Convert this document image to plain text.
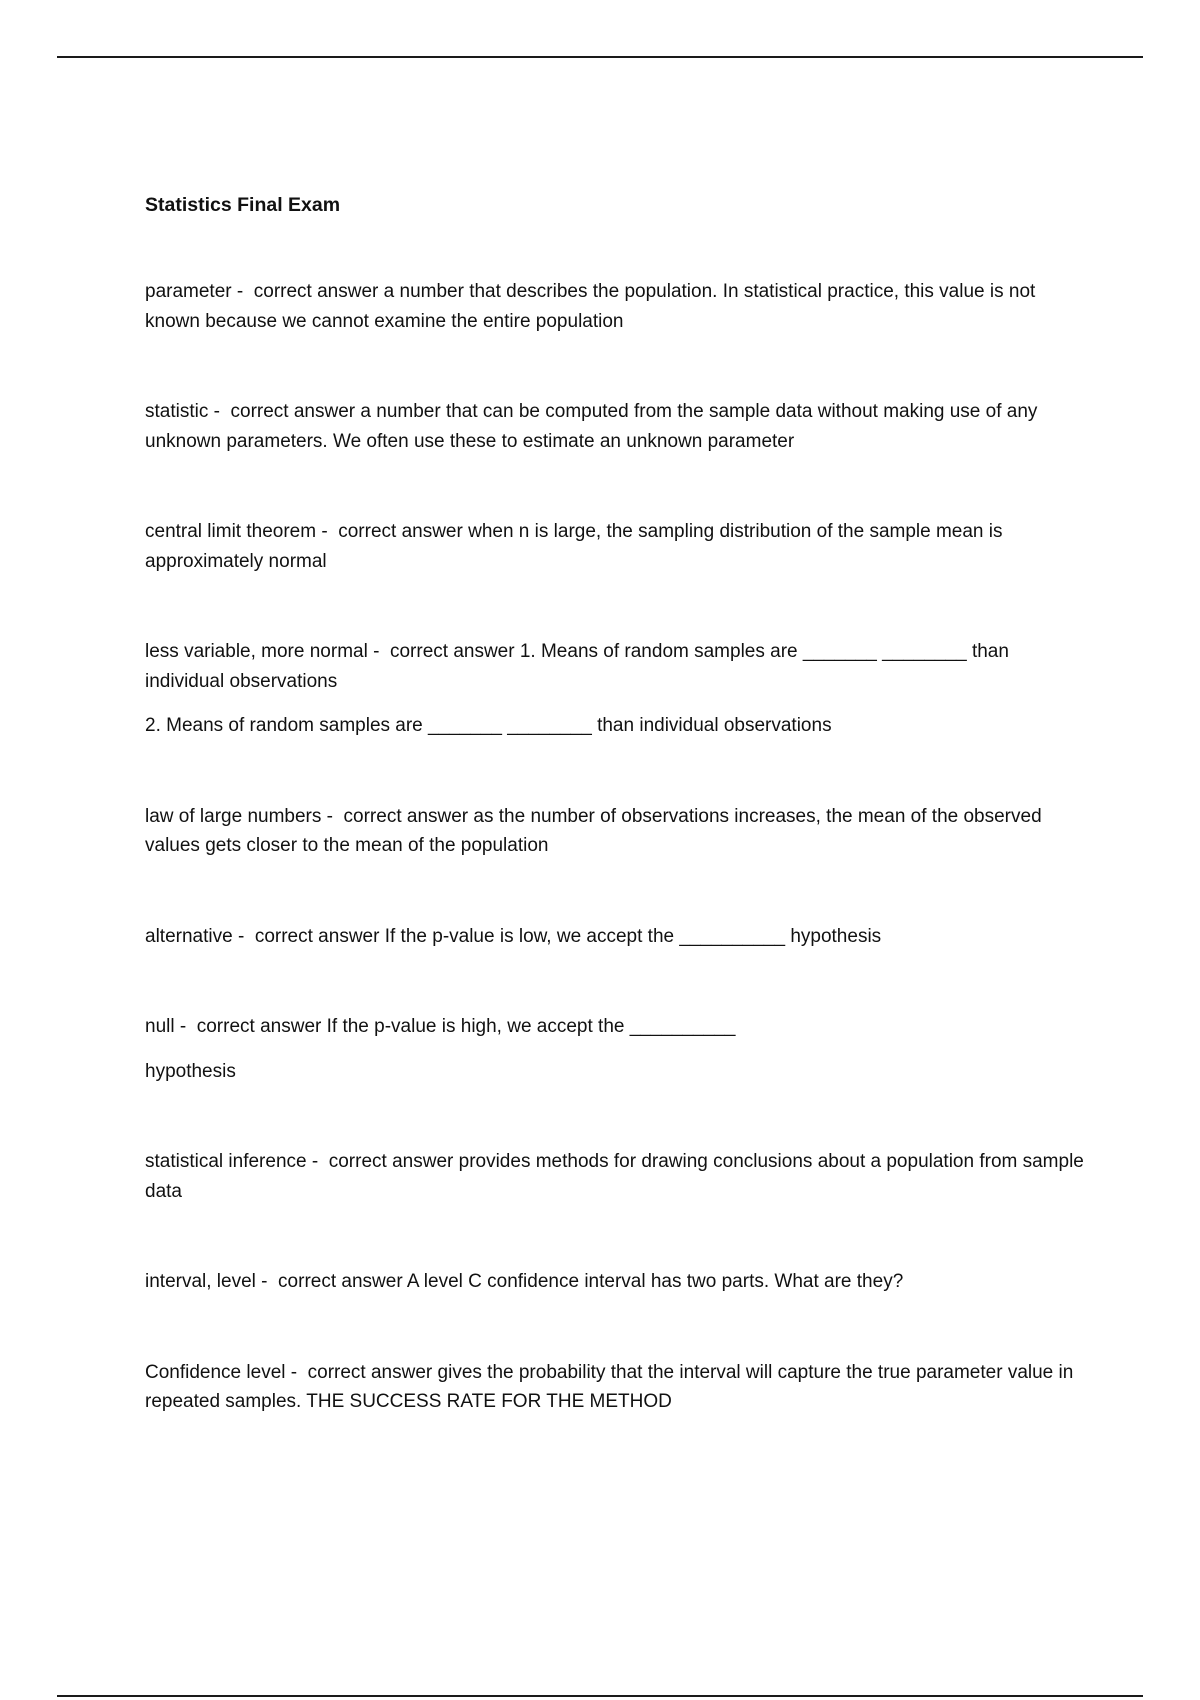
Statistics Final Exam

parameter -  correct answer a number that describes the population. In statistical practice, this value is not known because we cannot examine the entire population

statistic -  correct answer a number that can be computed from the sample data without making use of any unknown parameters. We often use these to estimate an unknown parameter

central limit theorem -  correct answer when n is large, the sampling distribution of the sample mean is approximately normal

less variable, more normal -  correct answer 1. Means of random samples are _______ ________ than individual observations

2. Means of random samples are _______ ________ than individual observations

law of large numbers -  correct answer as the number of observations increases, the mean of the observed values gets closer to the mean of the population

alternative -  correct answer If the p-value is low, we accept the __________ hypothesis

null -  correct answer If the p-value is high, we accept the __________

hypothesis

statistical inference -  correct answer provides methods for drawing conclusions about a population from sample data

interval, level -  correct answer A level C confidence interval has two parts. What are they?

Confidence level -  correct answer gives the probability that the interval will capture the true parameter value in repeated samples. THE SUCCESS RATE FOR THE METHOD
